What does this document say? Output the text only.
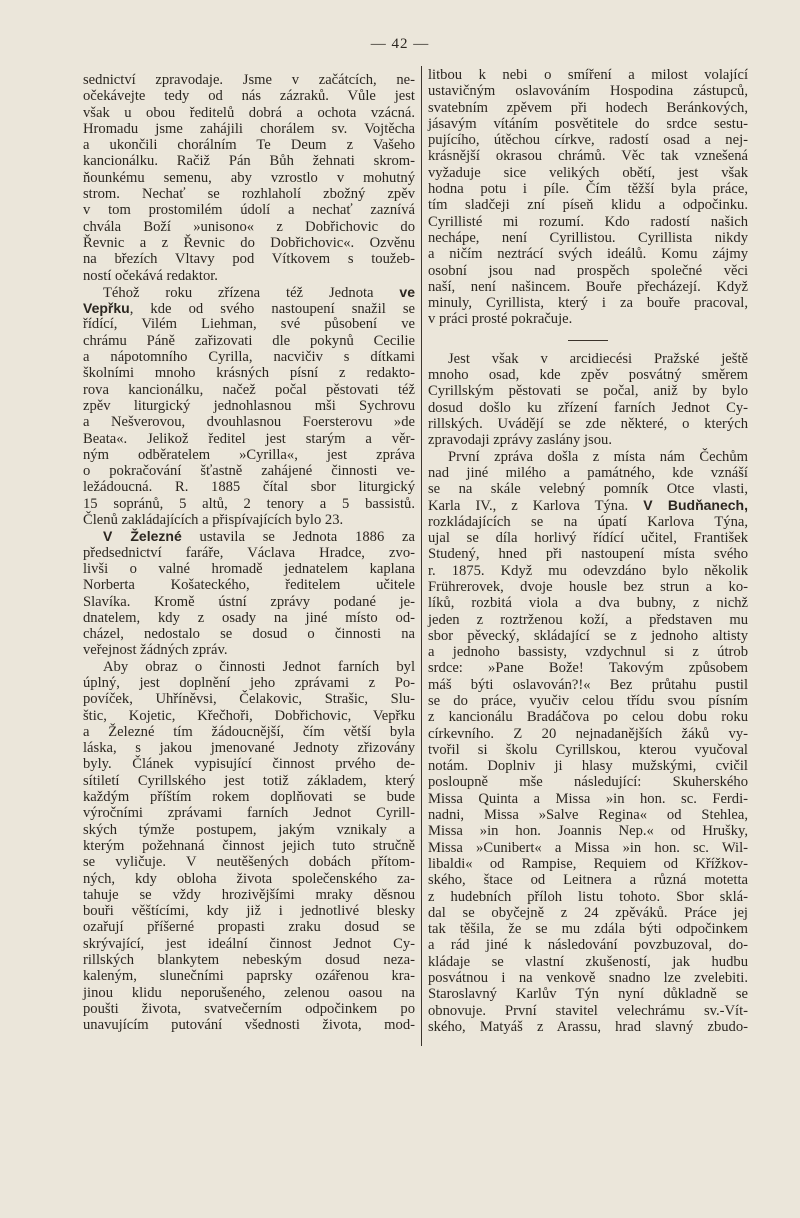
— 42 —
sednictví zpravodaje. Jsme v začátcích, ne-
očekávejte tedy od nás zázraků. Vůle jest
však u obou ředitelů dobrá a ochota vzácná.
Hromadu jsme zahájili chorálem sv. Vojtěcha
a ukončili chorálním Te Deum z Vašeho
kancionálku. Račiž Pán Bůh žehnati skrom-
ňounkému semenu, aby vzrostlo v mohutný
strom. Nechať se rozhlaholí zbožný zpěv
v tom prostomilém údolí a nechať zaznívá
chvála Boží »unisono« z Dobřichovic do
Řevnic a z Řevnic do Dobřichovic«. Ozvěnu
na březích Vltavy pod Vítkovem s toužeb-
ností očekává redaktor.
Téhož roku zřízena též Jednota ve
Vepřku, kde od svého nastoupení snažil se
řídící, Vilém Liehman, své působení ve
chrámu Páně zařizovati dle pokynů Cecilie
a nápotomního Cyrilla, nacvičiv s dítkami
školními mnoho krásných písní z redakto-
rova kancionálku, načež počal pěstovati též
zpěv liturgický jednohlasnou mši Sychrovu
a Nešverovou, dvouhlasnou Foersterovu »de
Beata«. Jelikož ředitel jest starým a věr-
ným odběratelem »Cyrilla«, jest zpráva
o pokračování šťastně zahájené činnosti ve-
ležádoucná. R. 1885 čítal sbor liturgický
15 sopránů, 5 altů, 2 tenory a 5 bassistů.
Členů zakládajících a přispívajících bylo 23.
V Železné ustavila se Jednota 1886 za
předsednictví faráře, Václava Hradce, zvo-
livši o valné hromadě jednatelem kaplana
Norberta Košateckého, ředitelem učitele
Slavíka. Kromě ústní zprávy podané je-
dnatelem, kdy z osady na jiné místo od-
cházel, nedostalo se dosud o činnosti na
veřejnost žádných zpráv.
Aby obraz o činnosti Jednot farních byl
úplný, jest doplnění jeho zprávami z Po-
povíček, Uhříněvsi, Čelakovic, Strašic, Slu-
štic, Kojetic, Křečhoři, Dobřichovic, Vepřku
a Železné tím žádoucnější, čím větší byla
láska, s jakou jmenované Jednoty zřizovány
byly. Článek vypisující činnost prvého de-
sítiletí Cyrillského jest totiž základem, který
každým příštím rokem doplňovati se bude
výročními zprávami farních Jednot Cyrill-
ských týmže postupem, jakým vznikaly a
kterým požehnaná činnost jejich tuto stručně
se vyličuje. V neutěšených dobách přítom-
ných, kdy obloha života společenského za-
tahuje se vždy hrozivějšími mraky děsnou
bouři věštícími, kdy již i jednotlivé blesky
ozařují příšerné propasti zraku dosud se
skrývající, jest ideální činnost Jednot Cy-
rillských blankytem nebeským dosud neza-
kaleným, slunečními paprsky ozářenou kra-
jinou klidu neporušeného, zelenou oasou na
poušti života, svatvečerním odpočinkem po
unavujícím putování všednosti života, mod-
litbou k nebi o smíření a milost volající
ustavičným oslavováním Hospodina zástupců,
svatebním zpěvem při hodech Beránkových,
jásavým vítáním posvětitele do srdce sestu-
pujícího, útěchou církve, radostí osad a nej-
krásnější okrasou chrámů. Věc tak vznešená
vyžaduje sice velikých obětí, jest však
hodna potu i píle. Čím těžší byla práce,
tím sladčeji zní píseň klidu a odpočinku.
Cyrillisté mi rozumí. Kdo radostí našich
nechápe, není Cyrillistou. Cyrillista nikdy
a ničím neztrácí svých ideálů. Komu zájmy
osobní jsou nad prospěch společné věci
naší, není našincem. Bouře přecházejí. Když
minuly, Cyrillista, který i za bouře pracoval,
v práci prosté pokračuje.
Jest však v arcidiecési Pražské ještě
mnoho osad, kde zpěv posvátný směrem
Cyrillským pěstovati se počal, aniž by bylo
dosud došlo ku zřízení farních Jednot Cy-
rillských. Uvádějí se zde některé, o kterých
zpravodaji zprávy zaslány jsou.
První zpráva došla z místa nám Čechům
nad jiné milého a památného, kde vznáší
se na skále velebný pomník Otce vlasti,
Karla IV., z Karlova Týna. V Budňanech,
rozkládajících se na úpatí Karlova Týna,
ujal se díla horlivý řídící učitel, František
Studený, hned při nastoupení místa svého
r. 1875. Když mu odevzdáno bylo několik
Frührerovek, dvoje housle bez strun a ko-
líků, rozbitá viola a dva bubny, z nichž
jeden z roztrženou koží, a představen mu
sbor pěvecký, skládající se z jednoho altisty
a jednoho bassisty, vzdychnul si z útrob
srdce: »Pane Bože! Takovým způsobem
máš býti oslavován?!« Bez průtahu pustil
se do práce, vyučiv celou třídu svou písním
z kancionálu Bradáčova po celou dobu roku
církevního. Z 20 nejnadanějších žáků vy-
tvořil si školu Cyrillskou, kterou vyučoval
notám. Doplniv ji hlasy mužskými, cvičil
posloupně mše následující: Skuherského
Missa Quinta a Missa »in hon. sc. Ferdi-
nadni, Missa »Salve Regina« od Stehlea,
Missa »in hon. Joannis Nep.« od Hrušky,
Missa »Cunibert« a Missa »in hon. sc. Wil-
libaldi« od Rampise, Requiem od Křížkov-
ského, štace od Leitnera a různá motetta
z hudebních příloh listu tohoto. Sbor sklá-
dal se obyčejně z 24 zpěváků. Práce jej
tak těšila, že se mu zdála býti odpočinkem
a rád jiné k následování povzbuzoval, do-
kládaje se vlastní zkušeností, jak hudbu
posvátnou i na venkově snadno lze zvelebiti.
Staroslavný Karlův Týn nyní důkladně se
obnovuje. První stavitel velechrámu sv.-Vít-
ského, Matyáš z Arassu, hrad slavný zbudo-
